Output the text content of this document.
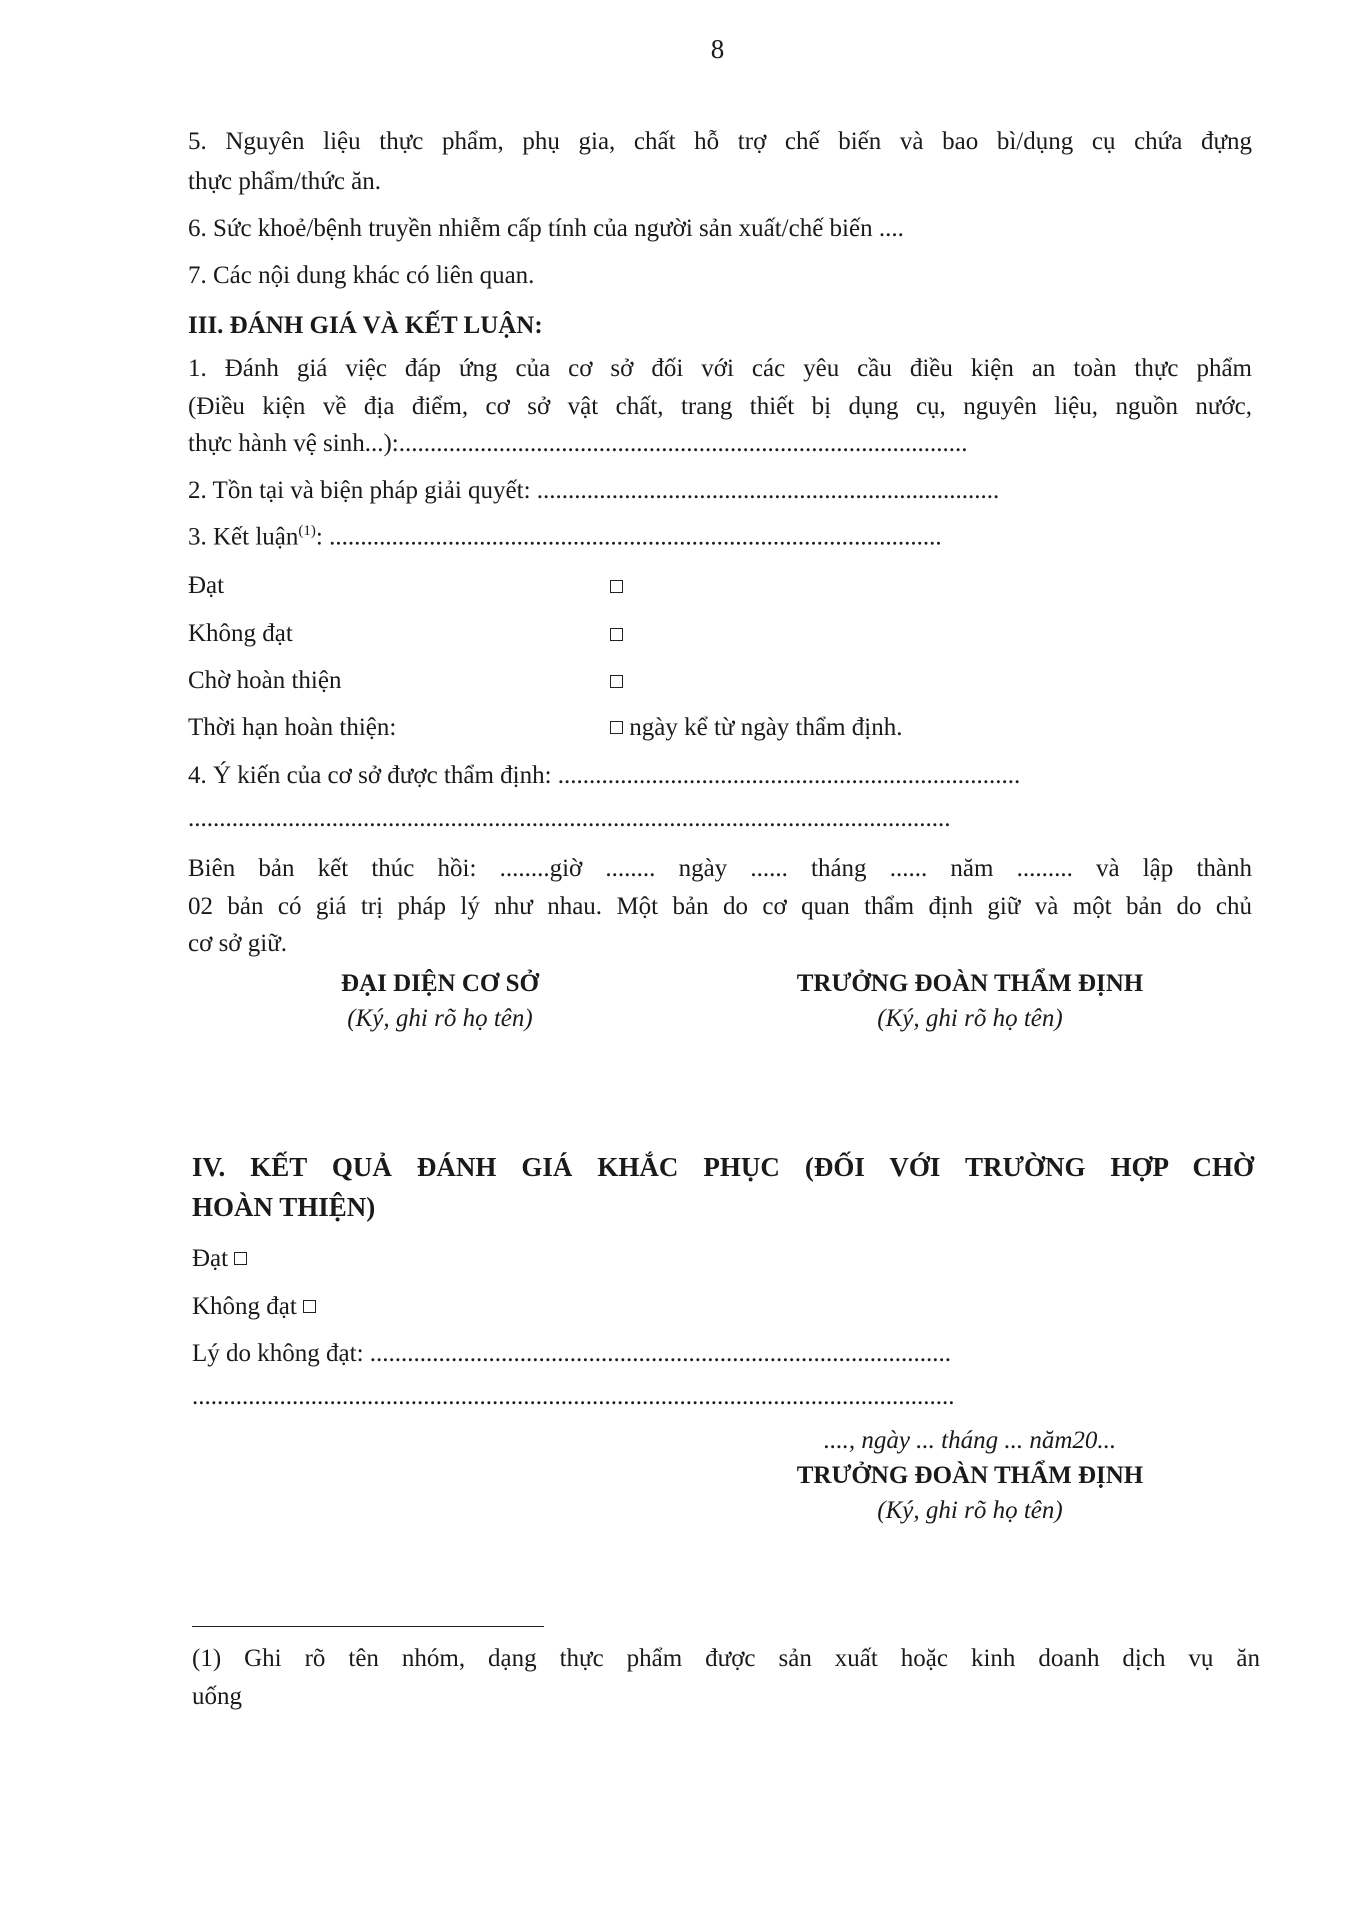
8
5. Nguyên liệu thực phẩm, phụ gia, chất hỗ trợ chế biến và bao bì/dụng cụ chứa đựng
thực phẩm/thức ăn.
6. Sức khoẻ/bệnh truyền nhiễm cấp tính của người sản xuất/chế biến ....
7. Các nội dung khác có liên quan.
III. ĐÁNH GIÁ VÀ KẾT LUẬN:
1. Đánh giá việc đáp ứng của cơ sở đối với các yêu cầu điều kiện an toàn thực phẩm
(Điều kiện về địa điểm, cơ sở vật chất, trang thiết bị dụng cụ, nguyên liệu, nguồn nước,
thực hành vệ sinh...):...........................................................................................
2. Tồn tại và biện pháp giải quyết: ..........................................................................
3. Kết luận$^{(1)}$: ..................................................................................................
Đạt
Không đạt
Chờ hoàn thiện
Thời hạn hoàn thiện:	ngày kể từ ngày thẩm định.
4. Ý kiến của cơ sở được thẩm định: ..........................................................................
..........................................................................................................................
Biên bản kết thúc hồi: ........giờ ........ ngày ...... tháng ...... năm ......... và lập thành
02 bản có giá trị pháp lý như nhau. Một bản do cơ quan thẩm định giữ và một bản do chủ
cơ sở giữ.
ĐẠI DIỆN CƠ SỞ
(Ký, ghi rõ họ tên)
TRƯỞNG ĐOÀN THẨM ĐỊNH
(Ký, ghi rõ họ tên)
IV. KẾT QUẢ ĐÁNH GIÁ KHẮC PHỤC (ĐỐI VỚI TRƯỜNG HỢP CHỜ
HOÀN THIỆN)
Đạt
Không đạt
Lý do không đạt: .............................................................................................
..........................................................................................................................
...., ngày ... tháng ... năm20...
TRƯỞNG ĐOÀN THẨM ĐỊNH
(Ký, ghi rõ họ tên)
(1) Ghi rõ tên nhóm, dạng thực phẩm được sản xuất hoặc kinh doanh dịch vụ ăn
uống
